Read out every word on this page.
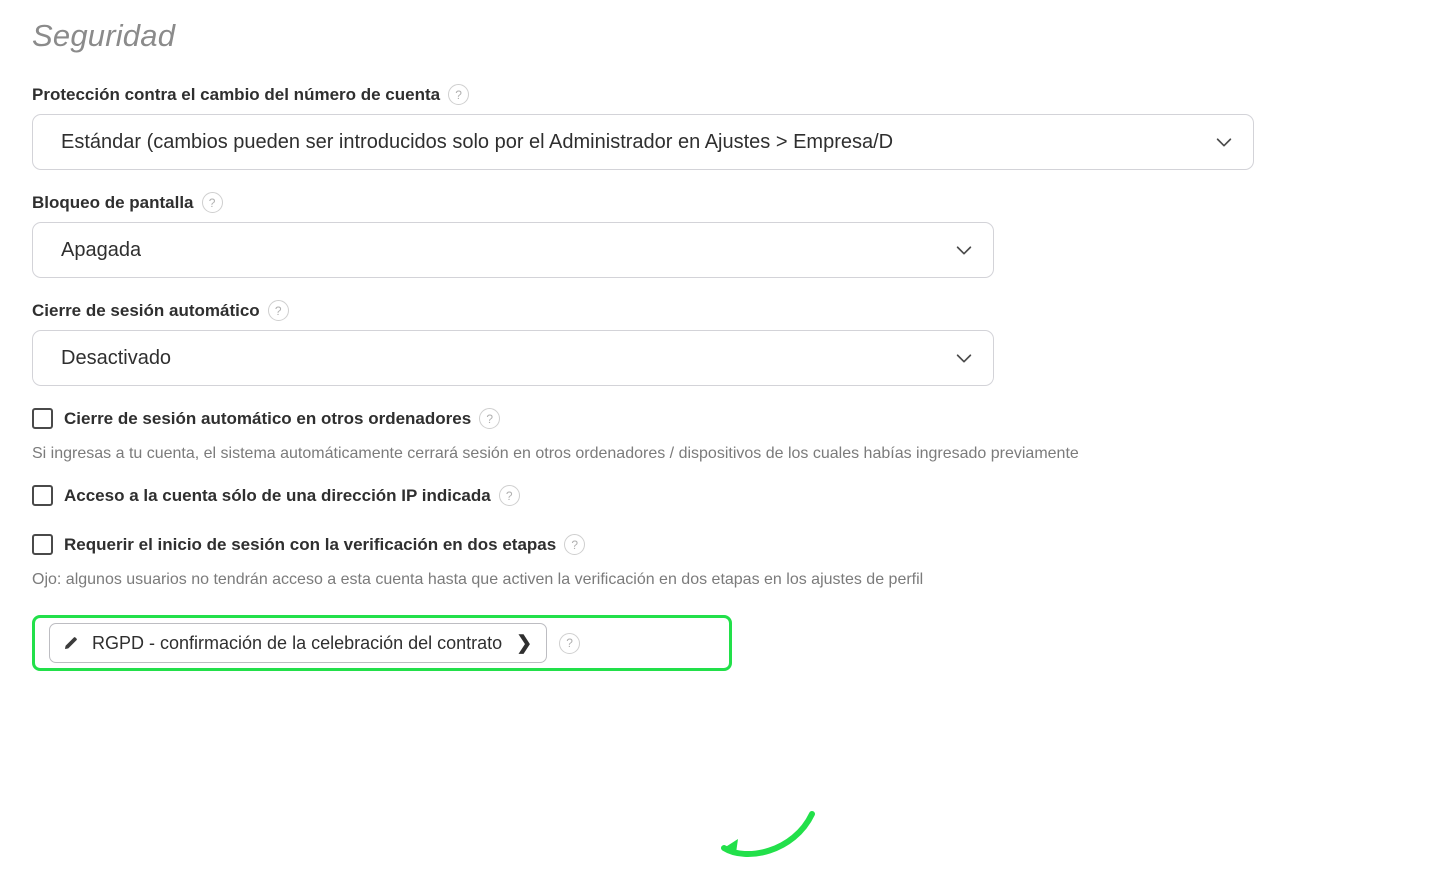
Seguridad
Protección contra el cambio del número de cuenta	?
Estándar (cambios pueden ser introducidos solo por el Administrador en Ajustes > Empresa/D
Bloqueo de pantalla	?
Apagada
Cierre de sesión automático	?
Desactivado
Cierre de sesión automático en otros ordenadores	?
Si ingresas a tu cuenta, el sistema automáticamente cerrará sesión en otros ordenadores / dispositivos de los cuales habías ingresado previamente
Acceso a la cuenta sólo de una dirección IP indicada	?
Requerir el inicio de sesión con la verificación en dos etapas	?
Ojo: algunos usuarios no tendrán acceso a esta cuenta hasta que activen la verificación en dos etapas en los ajustes de perfil
RGPD - confirmación de la celebración del contrato ❯	?
